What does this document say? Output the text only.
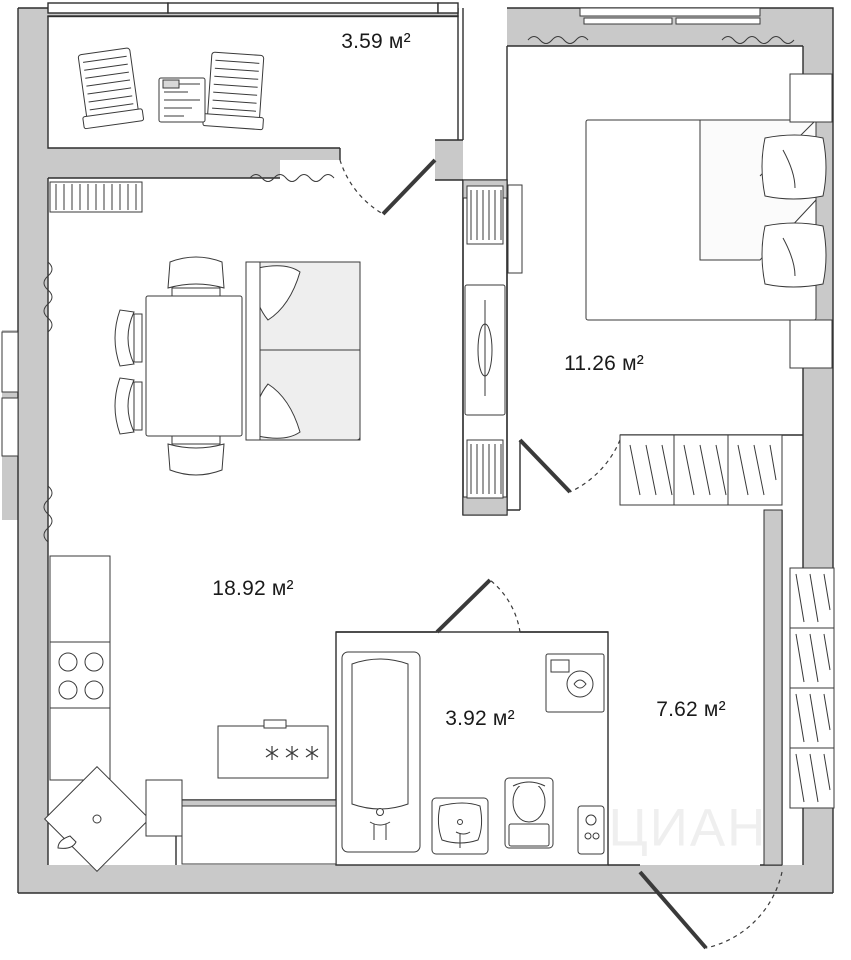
3.59 м²
11.26 м²
18.92 м²
3.92 м²	7.62 м²
ЦИАН
